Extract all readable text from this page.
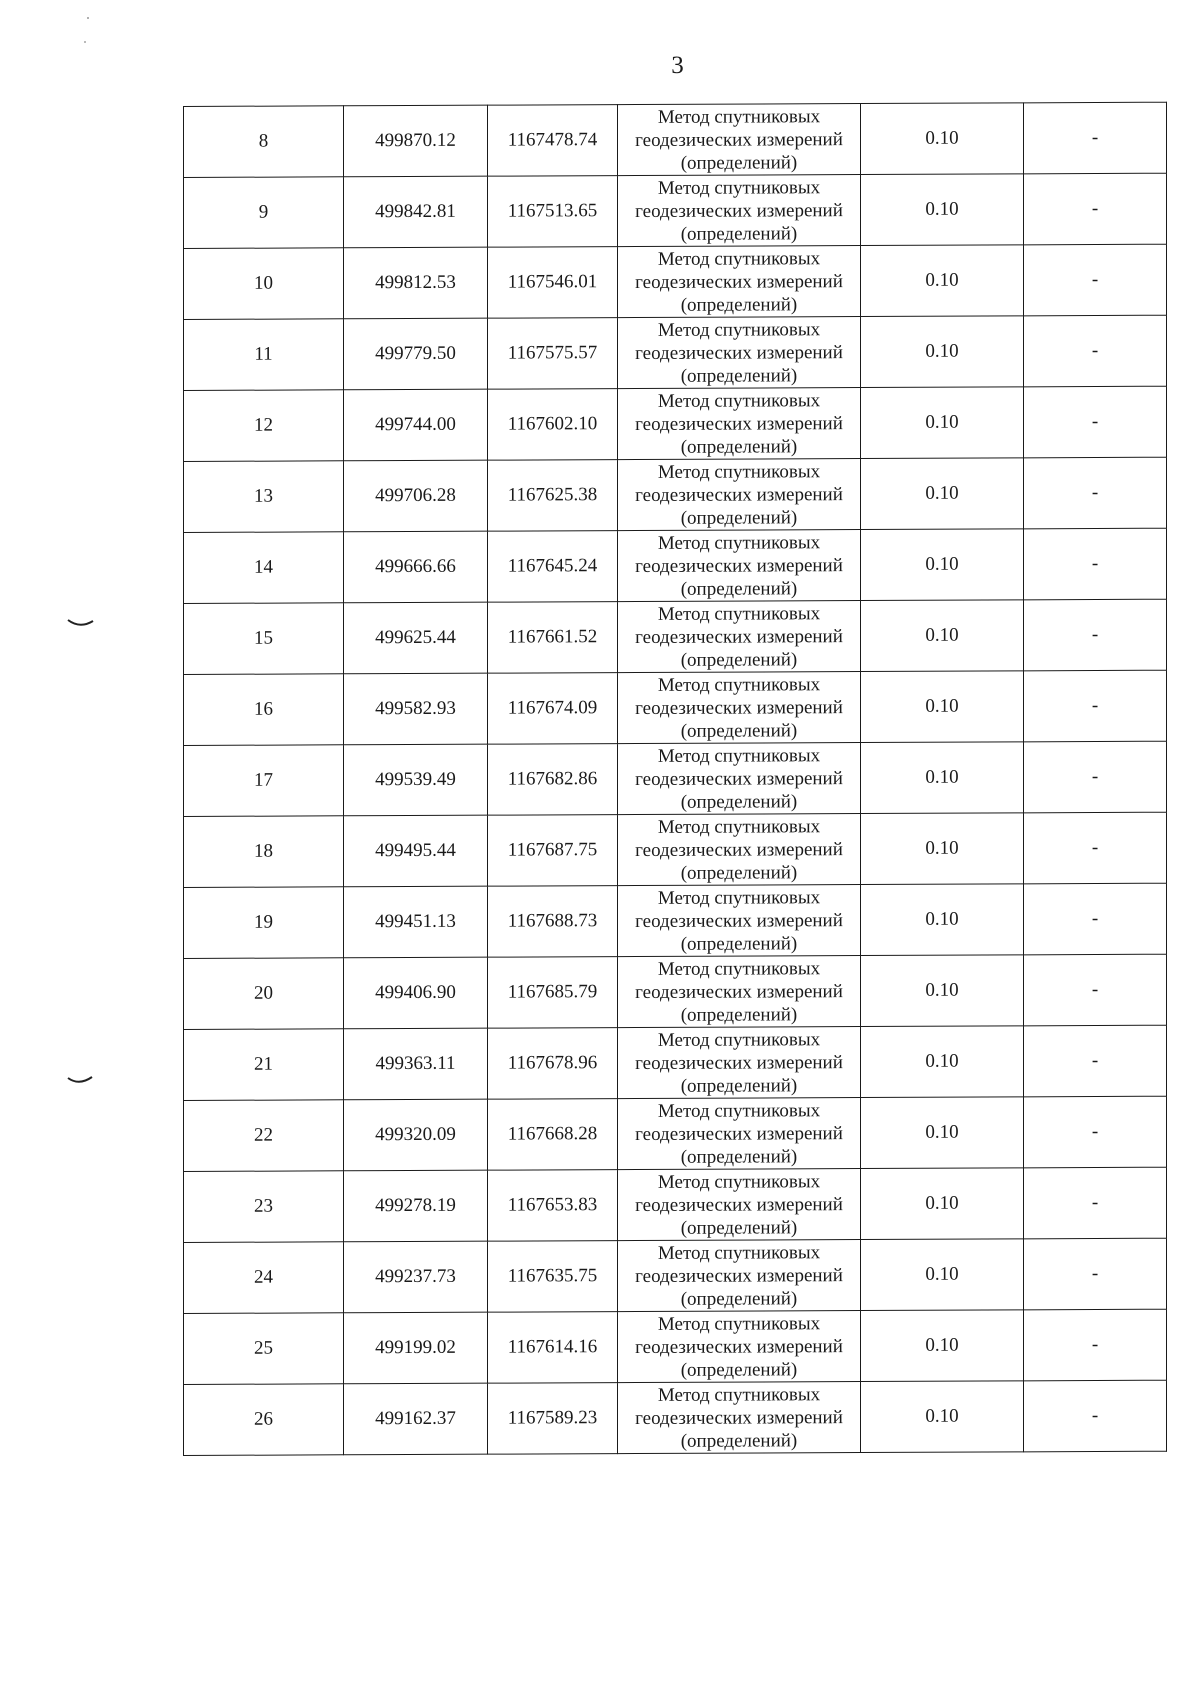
3
8	499870.12	1167478.74	Метод спутниковых
геодезических измерений
(определений)	0.10	-
9	499842.81	1167513.65	Метод спутниковых
геодезических измерений
(определений)	0.10	-
10	499812.53	1167546.01	Метод спутниковых
геодезических измерений
(определений)	0.10	-
11	499779.50	1167575.57	Метод спутниковых
геодезических измерений
(определений)	0.10	-
12	499744.00	1167602.10	Метод спутниковых
геодезических измерений
(определений)	0.10	-
13	499706.28	1167625.38	Метод спутниковых
геодезических измерений
(определений)	0.10	-
14	499666.66	1167645.24	Метод спутниковых
геодезических измерений
(определений)	0.10	-
15	499625.44	1167661.52	Метод спутниковых
геодезических измерений
(определений)	0.10	-
16	499582.93	1167674.09	Метод спутниковых
геодезических измерений
(определений)	0.10	-
17	499539.49	1167682.86	Метод спутниковых
геодезических измерений
(определений)	0.10	-
18	499495.44	1167687.75	Метод спутниковых
геодезических измерений
(определений)	0.10	-
19	499451.13	1167688.73	Метод спутниковых
геодезических измерений
(определений)	0.10	-
20	499406.90	1167685.79	Метод спутниковых
геодезических измерений
(определений)	0.10	-
21	499363.11	1167678.96	Метод спутниковых
геодезических измерений
(определений)	0.10	-
22	499320.09	1167668.28	Метод спутниковых
геодезических измерений
(определений)	0.10	-
23	499278.19	1167653.83	Метод спутниковых
геодезических измерений
(определений)	0.10	-
24	499237.73	1167635.75	Метод спутниковых
геодезических измерений
(определений)	0.10	-
25	499199.02	1167614.16	Метод спутниковых
геодезических измерений
(определений)	0.10	-
26	499162.37	1167589.23	Метод спутниковых
геодезических измерений
(определений)	0.10	-
